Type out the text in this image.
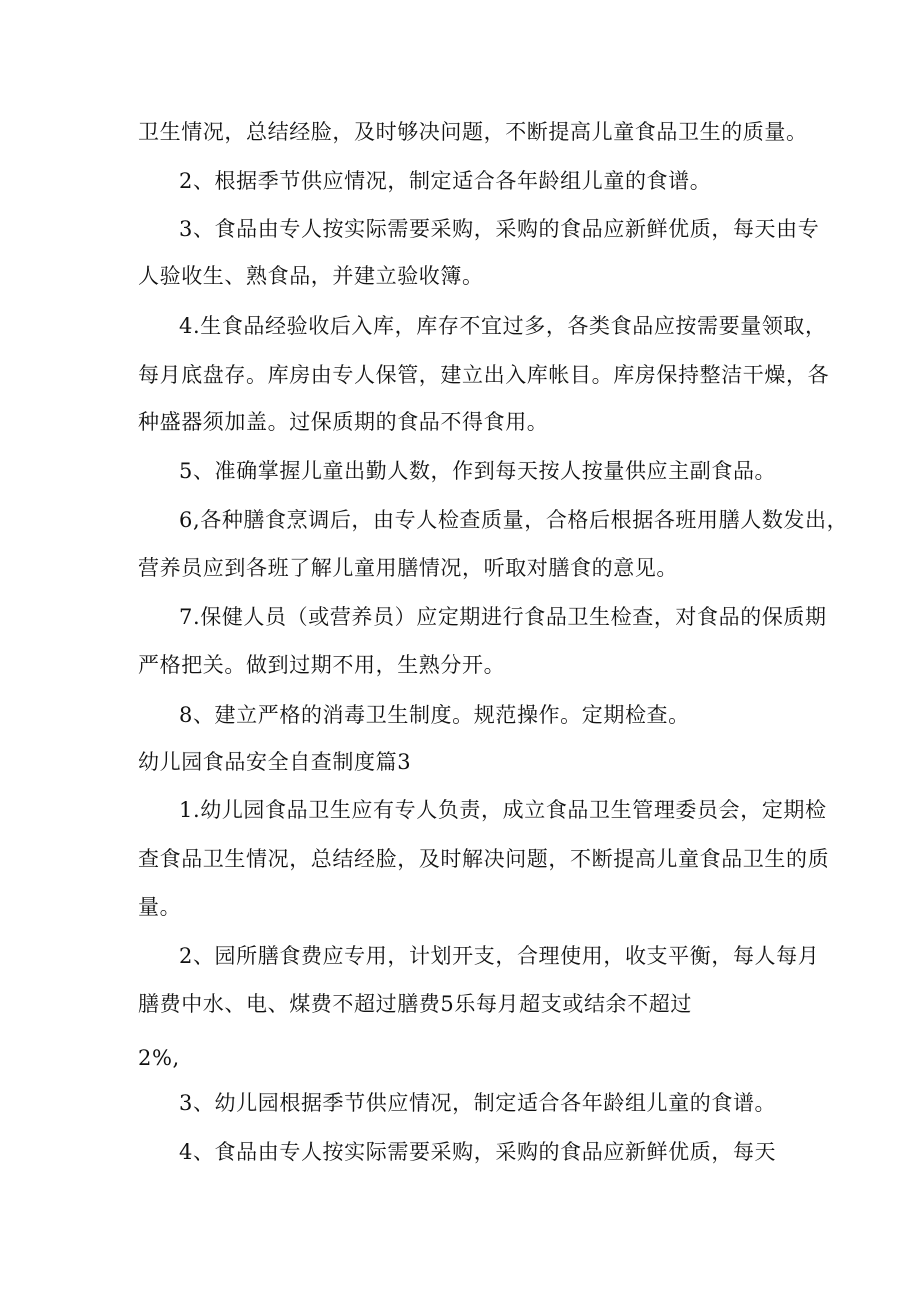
卫生情况，总结经脸，及时够决问题，不断提高儿童食品卫生的质量。
2、根据季节供应情况，制定适合各年龄组儿童的食谱。
3、食品由专人按实际需要采购，采购的食品应新鲜优质，每天由专
人验收生、熟食品，并建立验收簿。
4.生食品经验收后入库，库存不宜过多，各类食品应按需要量领取，
每月底盘存。库房由专人保管，建立出入库帐目。库房保持整洁干燥，各
种盛器须加盖。过保质期的食品不得食用。
5、准确掌握儿童出勤人数，作到每天按人按量供应主副食品。
6,各种膳食烹调后，由专人检查质量，合格后根据各班用膳人数发出，
营养员应到各班了解儿童用膳情况，听取对膳食的意见。
7.保健人员（或营养员）应定期进行食品卫生检查，对食品的保质期
严格把关。做到过期不用，生熟分开。
8、建立严格的消毒卫生制度。规范操作。定期检查。
幼儿园食品安全自查制度篇3
1.幼儿园食品卫生应有专人负责，成立食品卫生管理委员会，定期检
查食品卫生情况，总结经脸，及时解决问题，不断提高儿童食品卫生的质
量。
2、园所膳食费应专用，计划开支，合理使用，收支平衡，每人每月
膳费中水、电、煤费不超过膳费5乐每月超支或结余不超过
2%,
3、幼儿园根据季节供应情况，制定适合各年龄组儿童的食谱。
4、食品由专人按实际需要采购，采购的食品应新鲜优质，每天
